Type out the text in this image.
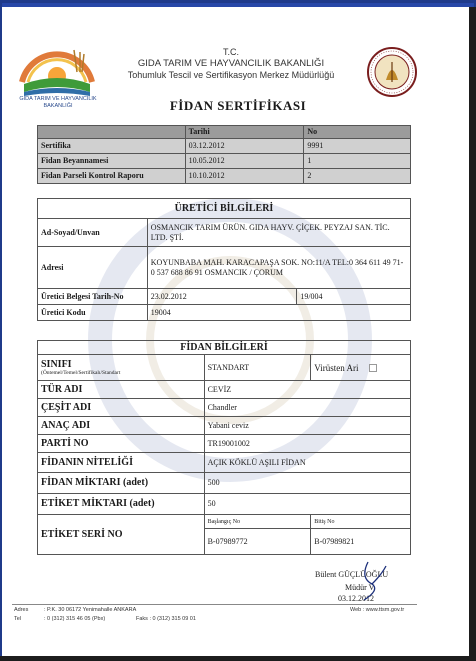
GIDA TARIM VE HAYVANCILIK BAKANLIĞI
T.C.
GIDA TARIM VE HAYVANCILIK BAKANLIĞI
Tohumluk Tescil ve Sertifikasyon Merkez Müdürlüğü
FİDAN SERTİFİKASI
	Tarihi	No
Sertifika	03.12.2012	9991
Fidan Beyannamesi	10.05.2012	1
Fidan Parseli Kontrol Raporu	10.10.2012	2
ÜRETİCİ BİLGİLERİ		
Ad-Soyad/Unvan	OSMANCIK TARIM ÜRÜN. GIDA HAYV. ÇİÇEK. PEYZAJ SAN. TİC. LTD. ŞTİ.	
Adresi	KOYUNBABA MAH. KARACAPAŞA SOK. NO:11/A TEL:0 364 611 49 71-0 537 688 86 91 OSMANCIK / ÇORUM	
Üretici Belgesi Tarih-No	23.02.2012	19/004
Üretici Kodu	19004	
FİDAN BİLGİLERİ		
SINIFI
(Öntemel/Temel/Sertifikalı/Standart	STANDART	Virüsten Ari
TÜR ADI	CEVİZ	
ÇEŞİT ADI	Chandler	
ANAÇ ADI	Yabani ceviz	
PARTİ NO	TR19001002	
FİDANIN NİTELİĞİ	AÇIK KÖKLÜ AŞILI FİDAN	
FİDAN MİKTARI (adet)	500	
ETİKET MİKTARI (adet)	50	
ETİKET SERİ NO	Başlangıç No	Bitiş No
	B-07989772	B-07989821
Bülent GÜÇLÜOĞLU
Müdür V.
03.12.2012
Adres	: P.K. 30 06172 Yenimahalle ANKARA
Tel	: 0 (312) 315 46 05 (Pbx)	Faks : 0 (312) 315 09 01
Web : www.ttsm.gov.tr
